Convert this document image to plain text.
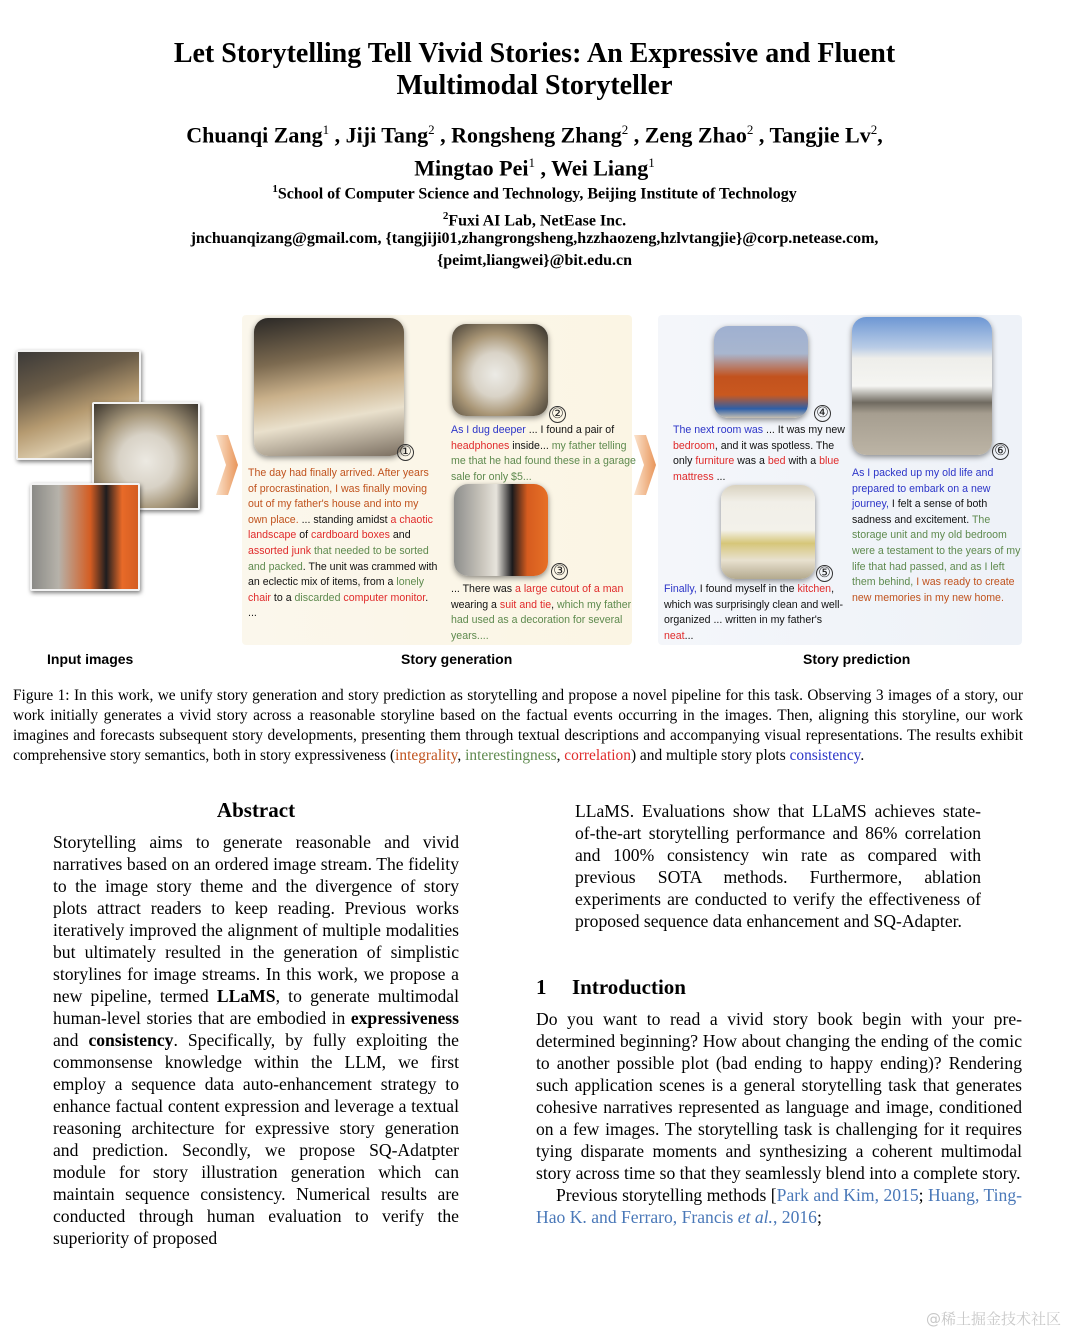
Let Storytelling Tell Vivid Stories: An Expressive and Fluent
Multimodal Storyteller
Chuanqi Zang$^1$ , Jiji Tang$^2$ , Rongsheng Zhang$^2$ , Zeng Zhao$^2$ , Tangjie Lv$^2$,
Mingtao Pei$^1$ , Wei Liang$^1$
$^1$School of Computer Science and Technology, Beijing Institute of Technology
$^2$Fuxi AI Lab, NetEase Inc.
jnchuanqizang@gmail.com, {tangjiji01,zhangrongsheng,hzzhaozeng,hzlvtangjie}@corp.netease.com,
{peimt,liangwei}@bit.edu.cn
①
The day had finally arrived. After years of procrastination, I was finally moving out of my father's house and into my own place. ... standing amidst a chaotic landscape of cardboard boxes and assorted junk that needed to be sorted and packed. The unit was crammed with an eclectic mix of items, from a lonely chair to a discarded computer monitor. ...
②
As I dug deeper ... I found a pair of headphones inside... my father telling me that he had found these in a garage sale for only $5...
③
... There was a large cutout of a man wearing a suit and tie, which my father had used as a decoration for several years....
④
The next room was ... It was my new bedroom, and it was spotless. The only furniture was a bed with a blue mattress ...
⑥
As I packed up my old life and prepared to embark on a new journey, I felt a sense of both sadness and excitement. The storage unit and my old bedroom were a testament to the years of my life that had passed, and as I left them behind, I was ready to create new memories in my new home.
⑤
Finally, I found myself in the kitchen, which was surprisingly clean and well-organized ... written in my father's neat...
Input images	Story generation	Story prediction
Figure 1: In this work, we unify story generation and story prediction as storytelling and propose a novel pipeline for this task. Observing 3 images of a story, our work initially generates a vivid story across a reasonable storyline based on the factual events occurring in the images. Then, aligning this storyline, our work imagines and forecasts subsequent story developments, presenting them through textual descriptions and accompanying visual representations. The results exhibit comprehensive story semantics, both in story expressiveness (integrality, interestingness, correlation) and multiple story plots consistency.
Abstract
Storytelling aims to generate reasonable and vivid narratives based on an ordered image stream. The fidelity to the image story theme and the divergence of story plots attract readers to keep reading. Previous works iteratively improved the alignment of multiple modalities but ultimately resulted in the generation of simplistic storylines for image streams. In this work, we propose a new pipeline, termed LLaMS, to generate multimodal human-level stories that are embodied in expressiveness and consistency. Specifically, by fully exploiting the commonsense knowledge within the LLM, we first employ a sequence data auto-enhancement strategy to enhance factual content expression and leverage a textual reasoning architecture for expressive story generation and prediction. Secondly, we propose SQ-Adatpter module for story illustration generation which can maintain sequence consistency. Numerical results are conducted through human evaluation to verify the superiority of proposed
LLaMS. Evaluations show that LLaMS achieves state-of-the-art storytelling performance and 86% correlation and 100% consistency win rate as compared with previous SOTA methods. Furthermore, ablation experiments are conducted to verify the effectiveness of proposed sequence data enhancement and SQ-Adapter.
1 Introduction
Do you want to read a vivid story book begin with your predetermined beginning? How about changing the ending of the comic to another possible plot (bad ending to happy ending)? Rendering such application scenes is a general storytelling task that generates cohesive narratives represented as language and image, conditioned on a few images. The storytelling task is challenging for it requires tying disparate moments and synthesizing a coherent multimodal story across time so that they seamlessly blend into a complete story.
Previous storytelling methods [Park and Kim, 2015; Huang, Ting-Hao K. and Ferraro, Francis et al., 2016;
@稀土掘金技术社区
